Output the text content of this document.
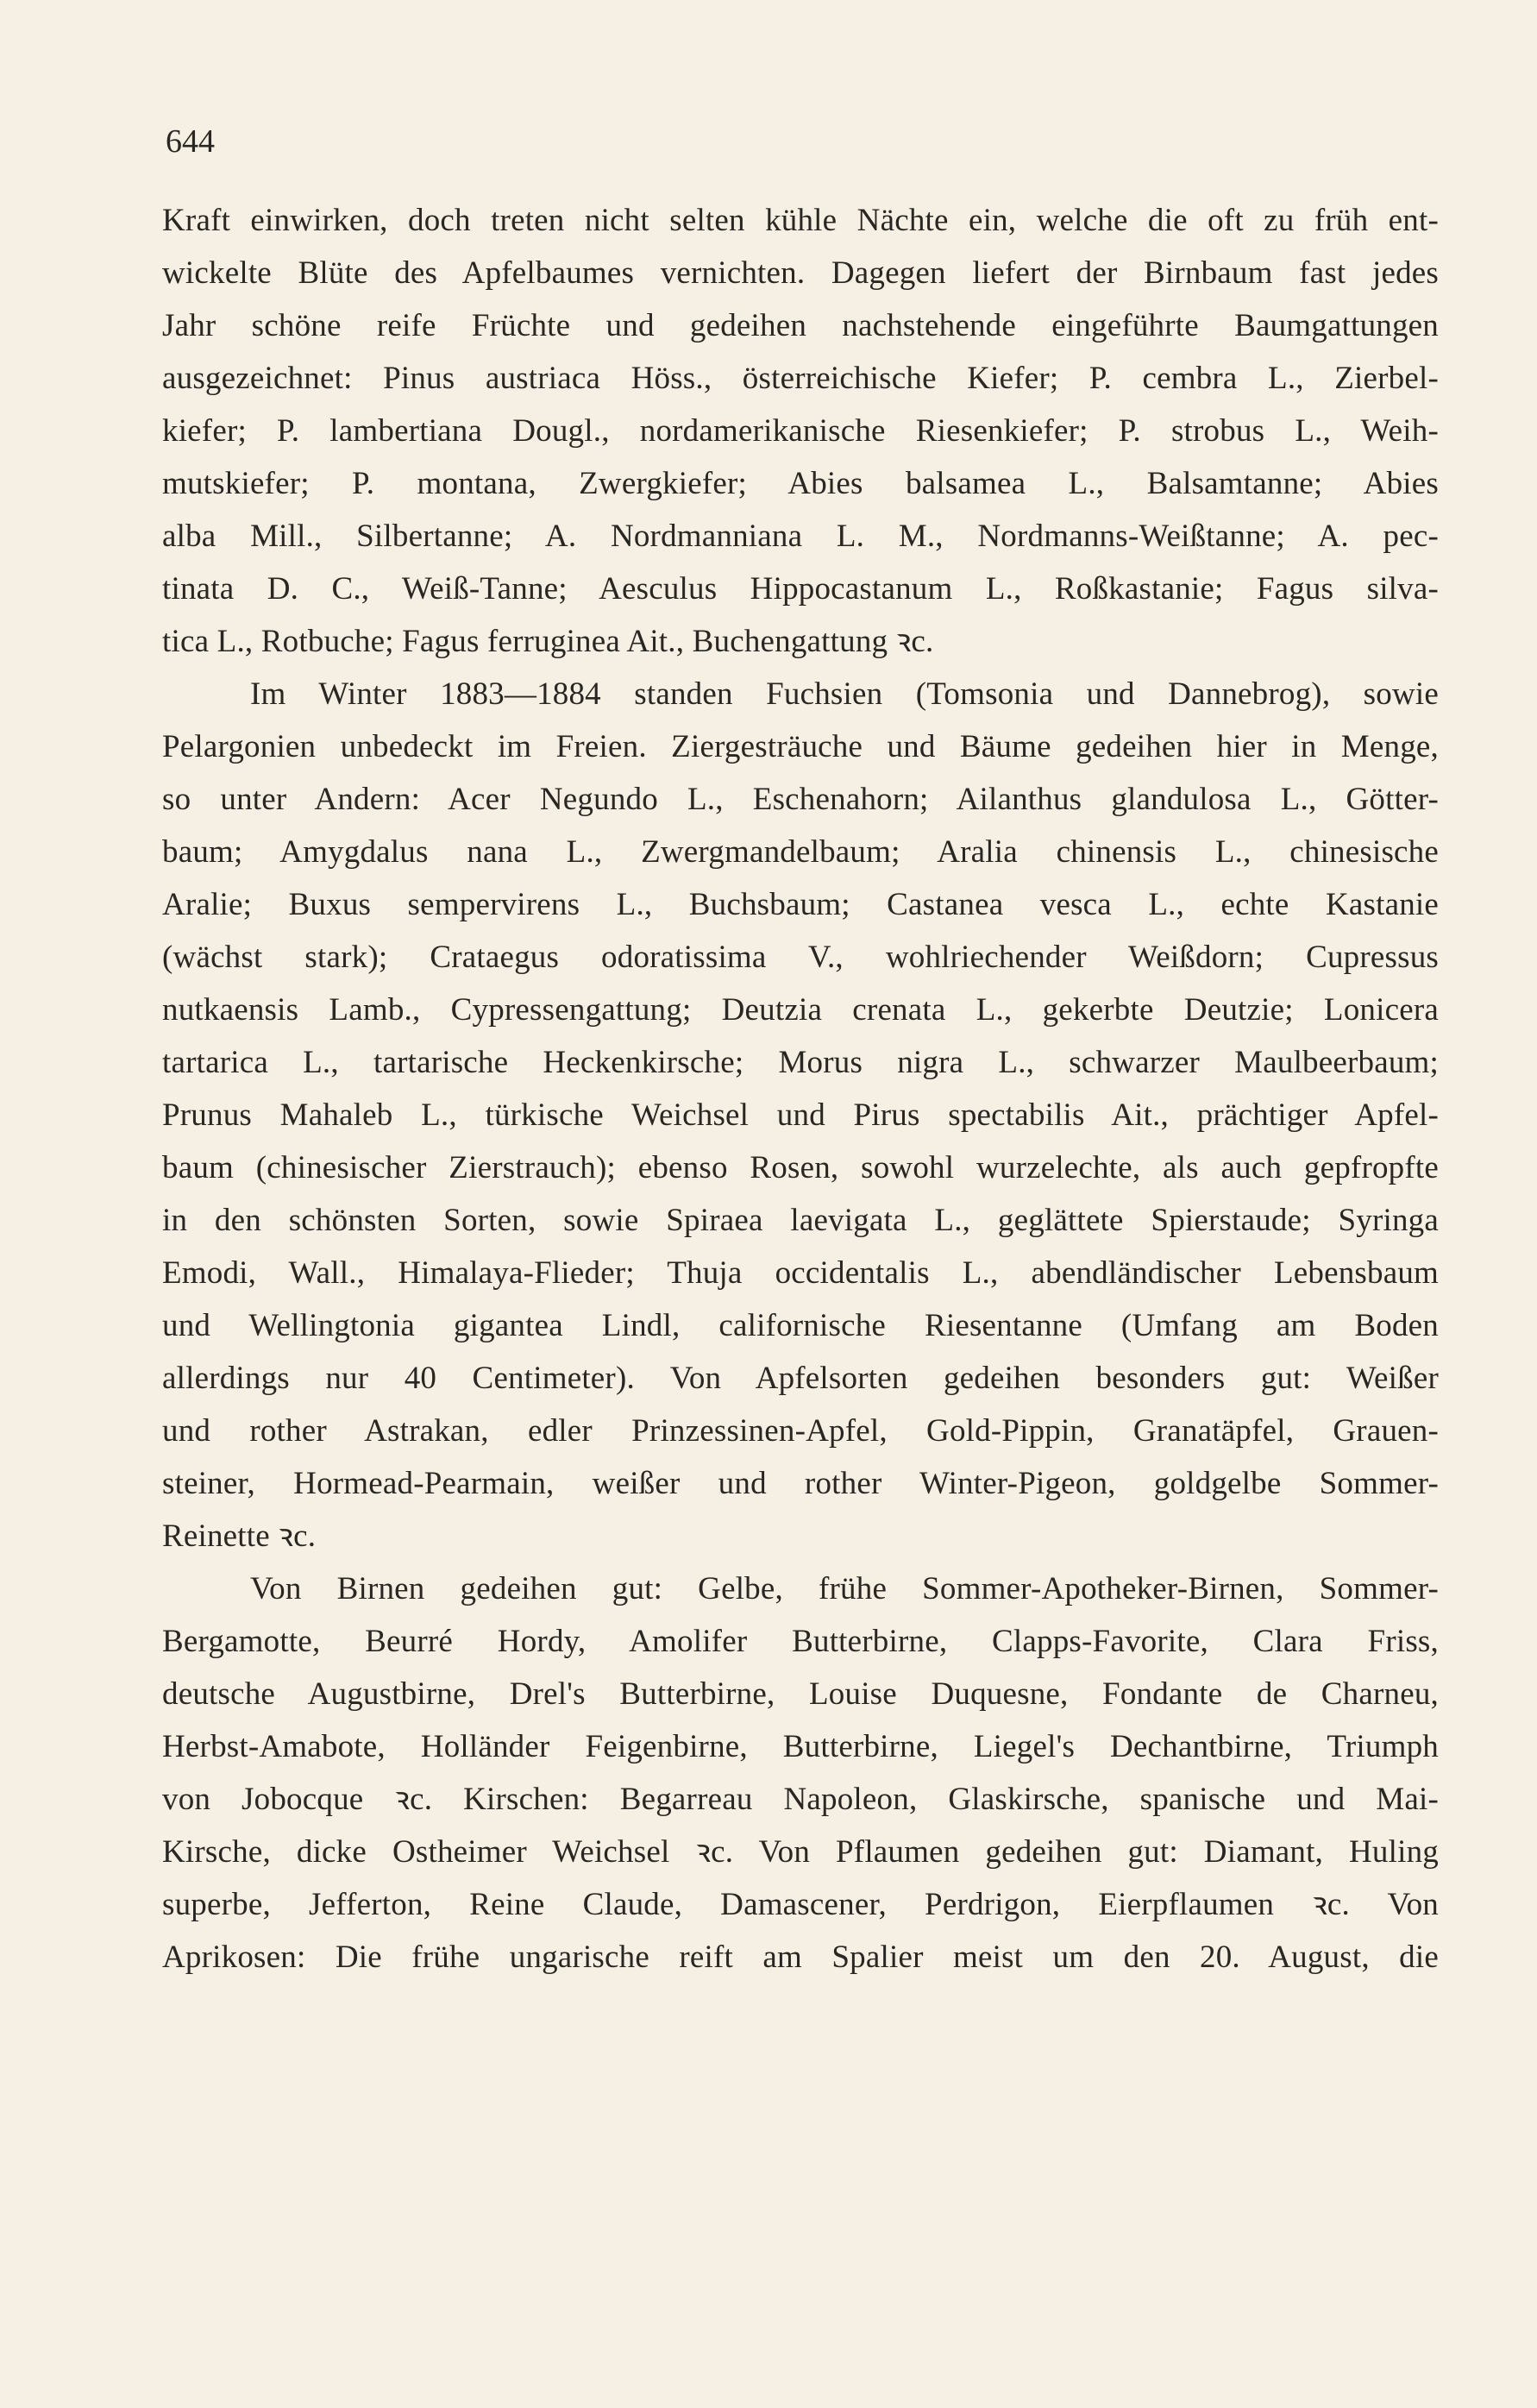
644
Kraft einwirken, doch treten nicht selten kühle Nächte ein, welche die oft zu früh ent-
wickelte Blüte des Apfelbaumes vernichten. Dagegen liefert der Birnbaum fast jedes
Jahr schöne reife Früchte und gedeihen nachstehende eingeführte Baumgattungen
ausgezeichnet: Pinus austriaca Höss., österreichische Kiefer; P. cembra L., Zierbel-
kiefer; P. lambertiana Dougl., nordamerikanische Riesenkiefer; P. strobus L., Weih-
mutskiefer; P. montana, Zwergkiefer; Abies balsamea L., Balsamtanne; Abies
alba Mill., Silbertanne; A. Nordmanniana L. M., Nordmanns-Weißtanne; A. pec-
tinata D. C., Weiß-Tanne; Aesculus Hippocastanum L., Roßkastanie; Fagus silva-
tica L., Rotbuche; Fagus ferruginea Ait., Buchengattung ꝛc.
Im Winter 1883—1884 standen Fuchsien (Tomsonia und Dannebrog), sowie
Pelargonien unbedeckt im Freien. Ziergesträuche und Bäume gedeihen hier in Menge,
so unter Andern: Acer Negundo L., Eschenahorn; Ailanthus glandulosa L., Götter-
baum; Amygdalus nana L., Zwergmandelbaum; Aralia chinensis L., chinesische
Aralie; Buxus sempervirens L., Buchsbaum; Castanea vesca L., echte Kastanie
(wächst stark); Crataegus odoratissima V., wohlriechender Weißdorn; Cupressus
nutkaensis Lamb., Cypressengattung; Deutzia crenata L., gekerbte Deutzie; Lonicera
tartarica L., tartarische Heckenkirsche; Morus nigra L., schwarzer Maulbeerbaum;
Prunus Mahaleb L., türkische Weichsel und Pirus spectabilis Ait., prächtiger Apfel-
baum (chinesischer Zierstrauch); ebenso Rosen, sowohl wurzelechte, als auch gepfropfte
in den schönsten Sorten, sowie Spiraea laevigata L., geglättete Spierstaude; Syringa
Emodi, Wall., Himalaya-Flieder; Thuja occidentalis L., abendländischer Lebensbaum
und Wellingtonia gigantea Lindl, californische Riesentanne (Umfang am Boden
allerdings nur 40 Centimeter). Von Apfelsorten gedeihen besonders gut: Weißer
und rother Astrakan, edler Prinzessinen-Apfel, Gold-Pippin, Granatäpfel, Grauen-
steiner, Hormead-Pearmain, weißer und rother Winter-Pigeon, goldgelbe Sommer-
Reinette ꝛc.
Von Birnen gedeihen gut: Gelbe, frühe Sommer-Apotheker-Birnen, Sommer-
Bergamotte, Beurré Hordy, Amolifer Butterbirne, Clapps-Favorite, Clara Friss,
deutsche Augustbirne, Drel's Butterbirne, Louise Duquesne, Fondante de Charneu,
Herbst-Amabote, Holländer Feigenbirne, Butterbirne, Liegel's Dechantbirne, Triumph
von Jobocque ꝛc. Kirschen: Begarreau Napoleon, Glaskirsche, spanische und Mai-
Kirsche, dicke Ostheimer Weichsel ꝛc. Von Pflaumen gedeihen gut: Diamant, Huling
superbe, Jefferton, Reine Claude, Damascener, Perdrigon, Eierpflaumen ꝛc. Von
Aprikosen: Die frühe ungarische reift am Spalier meist um den 20. August, die
